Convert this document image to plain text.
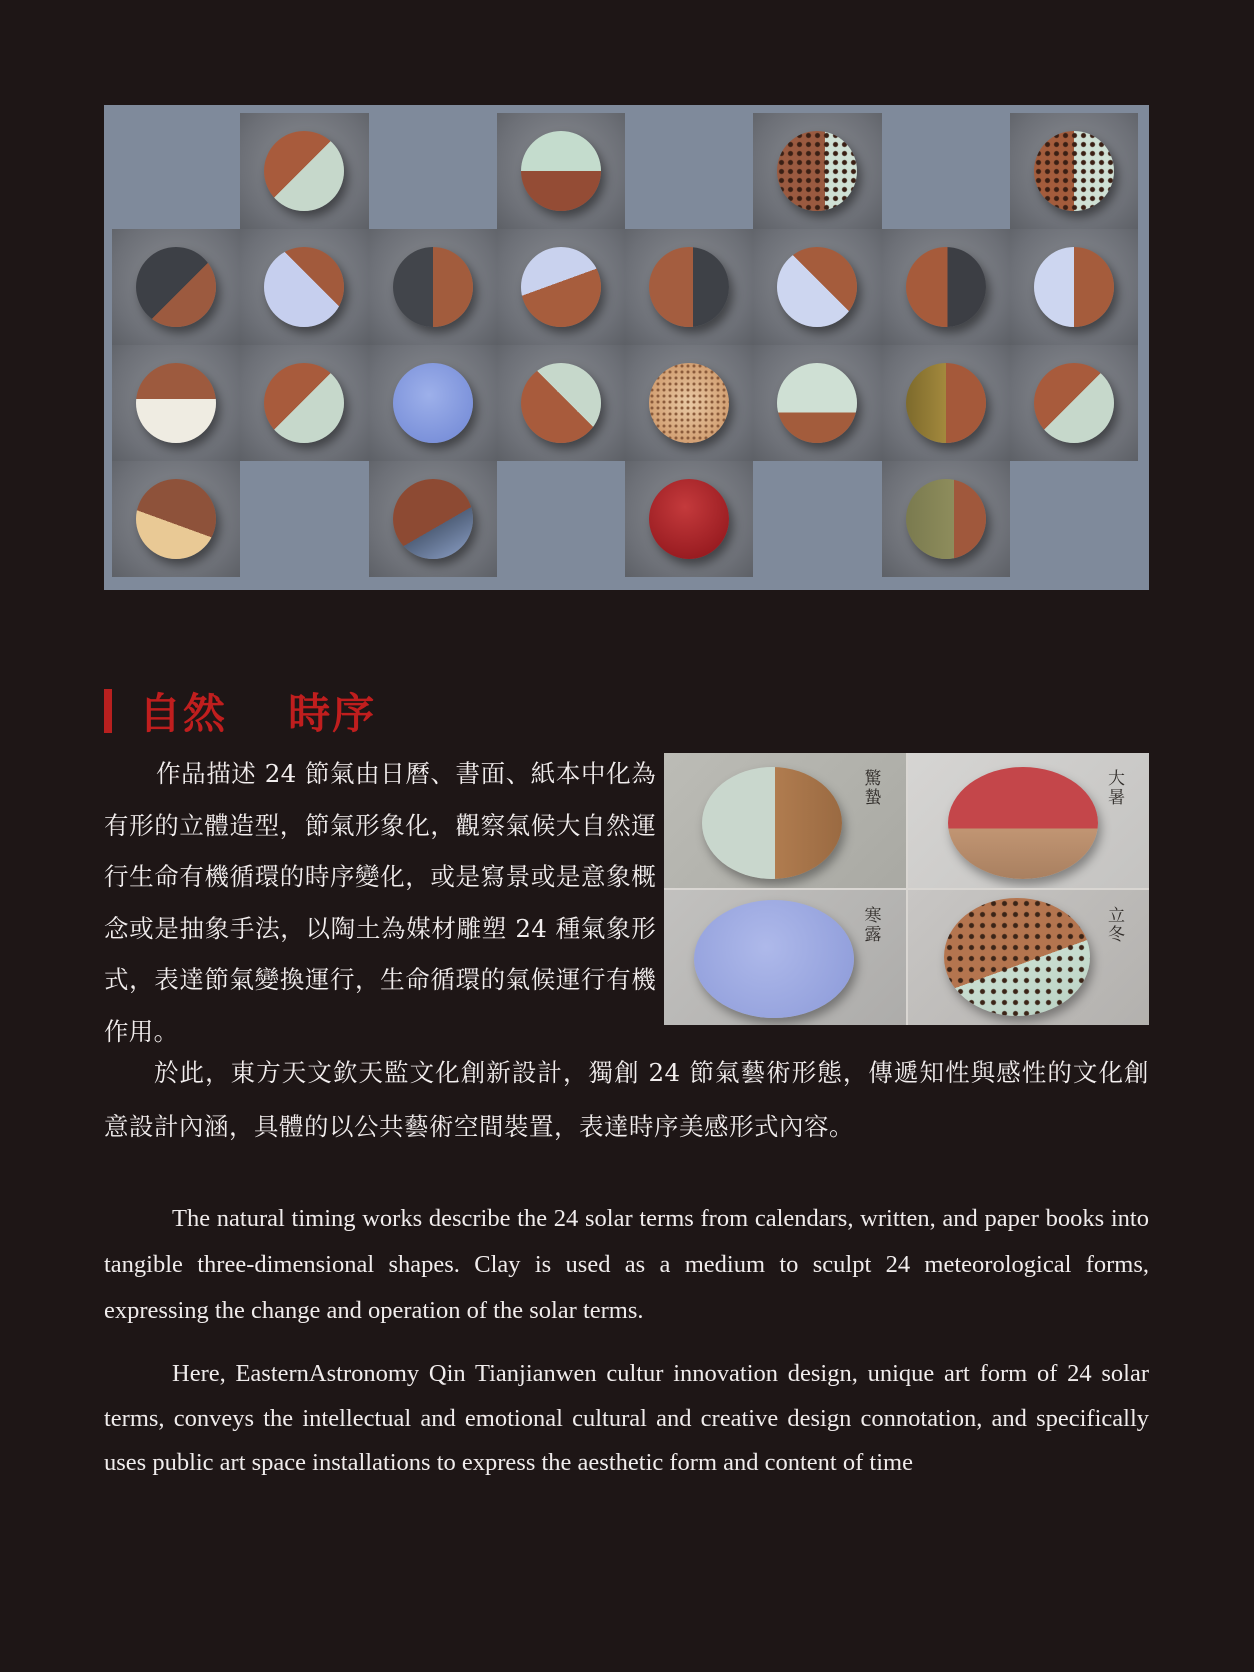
自然  時序

作品描述 24 節氣由日曆、書面、紙本中化為有形的立體造型，節氣形象化，觀察氣候大自然運行生命有機循環的時序變化，或是寫景或是意象概念或是抽象手法，以陶土為媒材雕塑 24 種氣象形式，表達節氣變換運行，生命循環的氣候運行有機作用。

驚蟄	大暑
寒露	立冬

於此，東方天文欽天監文化創新設計，獨創 24 節氣藝術形態，傳遞知性與感性的文化創意設計內涵，具體的以公共藝術空間裝置，表達時序美感形式內容。

The natural timing works describe the 24 solar terms from calendars, written, and paper books into tangible three-dimensional shapes. Clay is used as a medium to sculpt 24 meteorological forms, expressing the change and operation of the solar terms.

Here, EasternAstronomy Qin Tianjianwen cultur innovation design, unique art form of 24 solar terms, conveys the intellectual and emotional cultural and creative design connotation, and specifically uses public art space installations to express the aesthetic form and content of time
